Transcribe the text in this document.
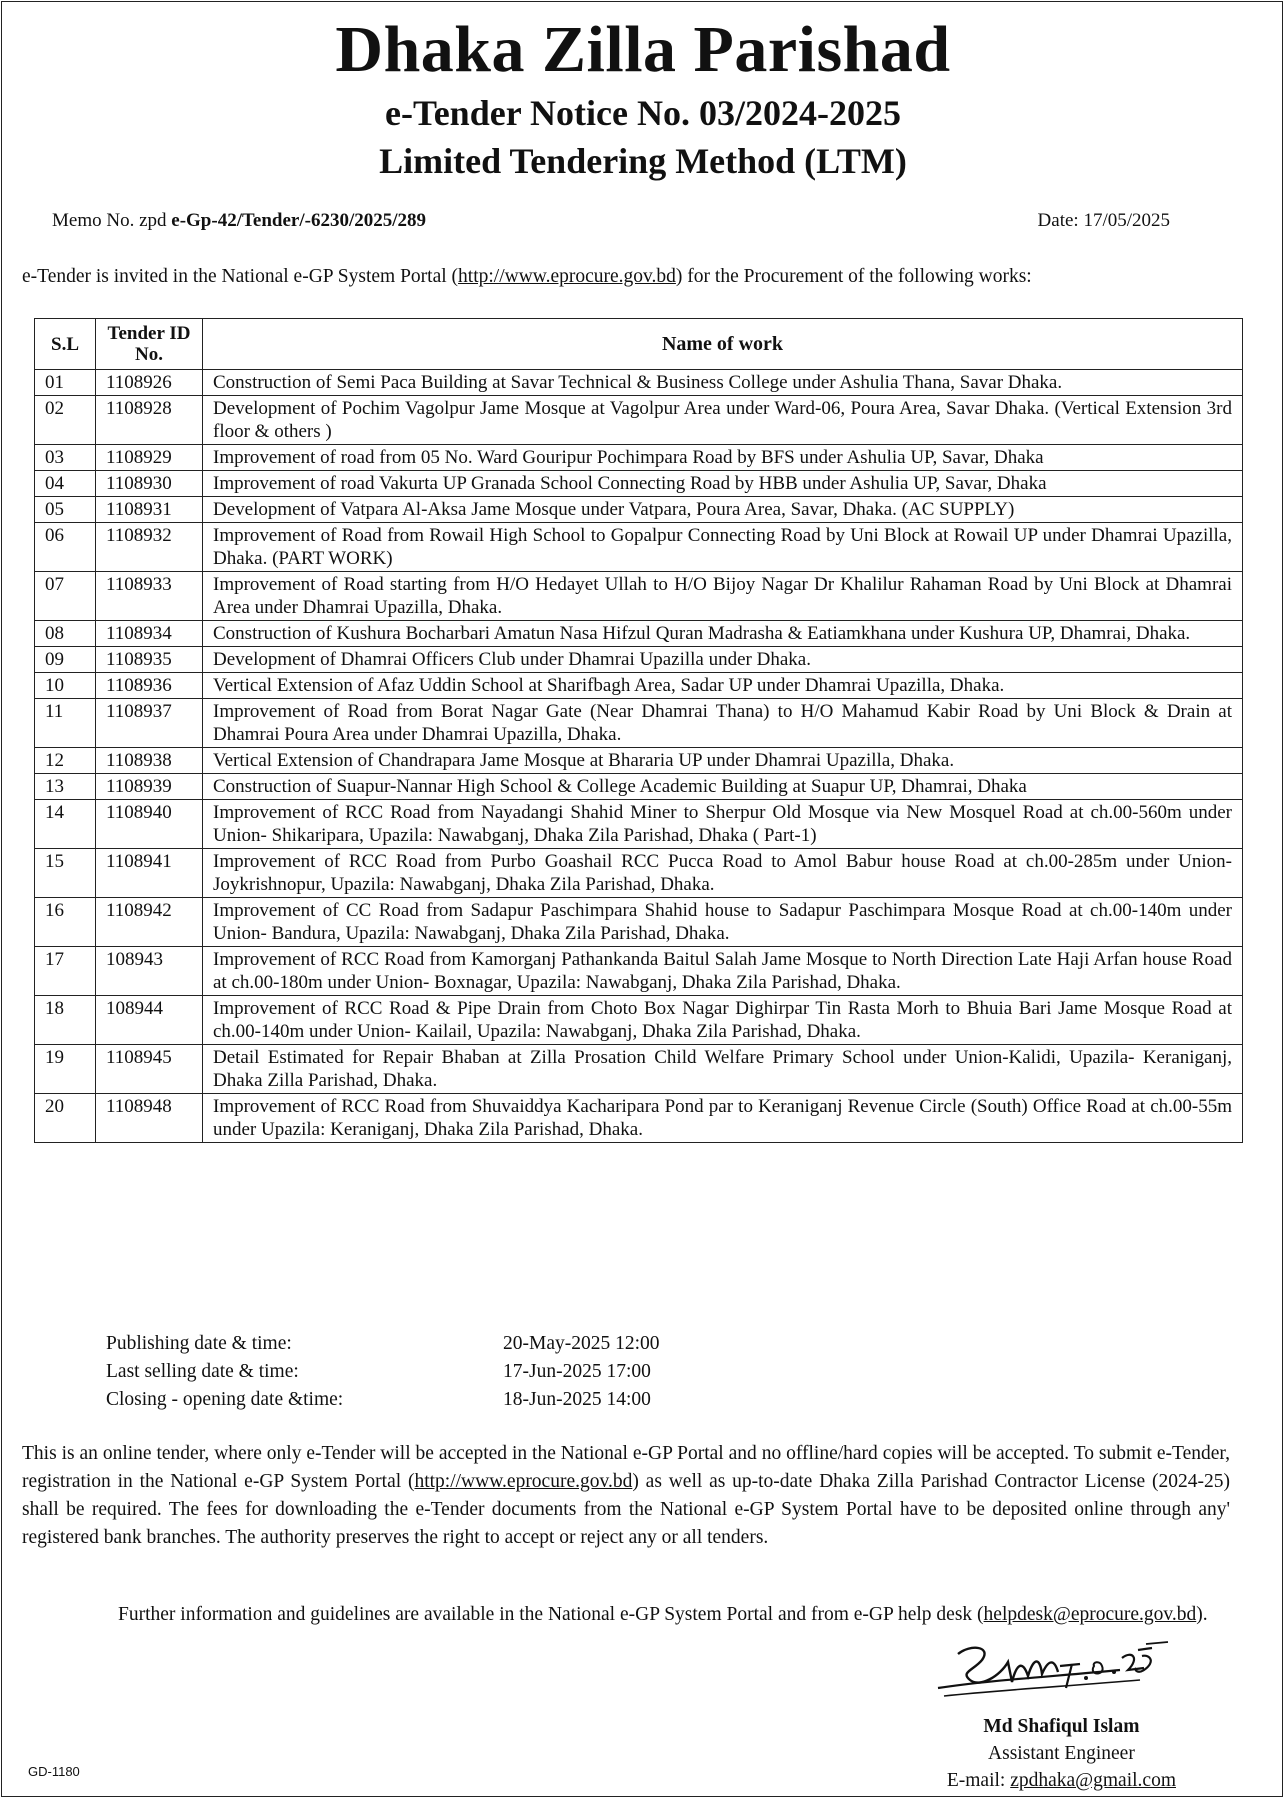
Dhaka Zilla Parishad
e-Tender Notice No. 03/2024-2025
Limited Tendering Method (LTM)
Memo No. zpd e-Gp-42/Tender/-6230/2025/289	Date: 17/05/2025
e-Tender is invited in the National e-GP System Portal (http://www.eprocure.gov.bd) for the Procurement of the following works:
S.L	Tender ID No.	Name of work
01	1108926	Construction of Semi Paca Building at Savar Technical & Business College under Ashulia Thana, Savar Dhaka.
02	1108928	Development of Pochim Vagolpur Jame Mosque at Vagolpur Area under Ward-06, Poura Area, Savar Dhaka. (Vertical Extension 3rd floor & others )
03	1108929	Improvement of road from 05 No. Ward Gouripur Pochimpara Road by BFS under Ashulia UP, Savar, Dhaka
04	1108930	Improvement of road Vakurta UP Granada School Connecting Road by HBB under Ashulia UP, Savar, Dhaka
05	1108931	Development of Vatpara Al-Aksa Jame Mosque under Vatpara, Poura Area, Savar, Dhaka. (AC SUPPLY)
06	1108932	Improvement of Road from Rowail High School to Gopalpur Connecting Road by Uni Block at Rowail UP under Dhamrai Upazilla, Dhaka. (PART WORK)
07	1108933	Improvement of Road starting from H/O Hedayet Ullah to H/O Bijoy Nagar Dr Khalilur Rahaman Road by Uni Block at Dhamrai Area under Dhamrai Upazilla, Dhaka.
08	1108934	Construction of Kushura Bocharbari Amatun Nasa Hifzul Quran Madrasha & Eatiamkhana under Kushura UP, Dhamrai, Dhaka.
09	1108935	Development of Dhamrai Officers Club under Dhamrai Upazilla under Dhaka.
10	1108936	Vertical Extension of Afaz Uddin School at Sharifbagh Area, Sadar UP under Dhamrai Upazilla, Dhaka.
11	1108937	Improvement of Road from Borat Nagar Gate (Near Dhamrai Thana) to H/O Mahamud Kabir Road by Uni Block & Drain at Dhamrai Poura Area under Dhamrai Upazilla, Dhaka.
12	1108938	Vertical Extension of Chandrapara Jame Mosque at Bhararia UP under Dhamrai Upazilla, Dhaka.
13	1108939	Construction of Suapur-Nannar High School & College Academic Building at Suapur UP, Dhamrai, Dhaka
14	1108940	Improvement of RCC Road from Nayadangi Shahid Miner to Sherpur Old Mosque via New Mosquel Road at ch.00-560m under Union- Shikaripara, Upazila: Nawabganj, Dhaka Zila Parishad, Dhaka ( Part-1)
15	1108941	Improvement of RCC Road from Purbo Goashail RCC Pucca Road to Amol Babur house Road at ch.00-285m under Union- Joykrishnopur, Upazila: Nawabganj, Dhaka Zila Parishad, Dhaka.
16	1108942	Improvement of CC Road from Sadapur Paschimpara Shahid house to Sadapur Paschimpara Mosque Road at ch.00-140m under Union- Bandura, Upazila: Nawabganj, Dhaka Zila Parishad, Dhaka.
17	108943	Improvement of RCC Road from Kamorganj Pathankanda Baitul Salah Jame Mosque to North Direction Late Haji Arfan house Road at ch.00-180m under Union- Boxnagar, Upazila: Nawabganj, Dhaka Zila Parishad, Dhaka.
18	108944	Improvement of RCC Road & Pipe Drain from Choto Box Nagar Dighirpar Tin Rasta Morh to Bhuia Bari Jame Mosque Road at ch.00-140m under Union- Kailail, Upazila: Nawabganj, Dhaka Zila Parishad, Dhaka.
19	1108945	Detail Estimated for Repair Bhaban at Zilla Prosation Child Welfare Primary School under Union-Kalidi, Upazila- Keraniganj, Dhaka Zilla Parishad, Dhaka.
20	1108948	Improvement of RCC Road from Shuvaiddya Kacharipara Pond par to Keraniganj Revenue Circle (South) Office Road at ch.00-55m under Upazila: Keraniganj, Dhaka Zila Parishad, Dhaka.
Publishing date & time:	20-May-2025 12:00
Last selling date & time:	17-Jun-2025 17:00
Closing - opening date &time:	18-Jun-2025 14:00
This is an online tender, where only e-Tender will be accepted in the National e-GP Portal and no offline/hard copies will be accepted. To submit e-Tender, registration in the National e-GP System Portal (http://www.eprocure.gov.bd) as well as up-to-date Dhaka Zilla Parishad Contractor License (2024-25) shall be required. The fees for downloading the e-Tender documents from the National e-GP System Portal have to be deposited online through any' registered bank branches. The authority preserves the right to accept or reject any or all tenders.
Further information and guidelines are available in the National e-GP System Portal and from e-GP help desk (helpdesk@eprocure.gov.bd).
Md Shafiqul Islam
Assistant Engineer
E-mail: zpdhaka@gmail.com
GD-1180
